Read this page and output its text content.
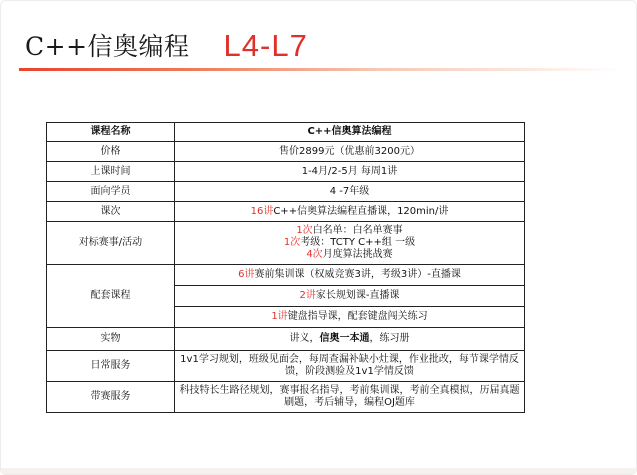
C++信奥编程 L4-L7
课程名称	C++信奥算法编程
价格	售价2899元（优惠前3200元）
上课时间	1-4月/2-5月 每周1讲
面向学员	4 -7年级
课次	16讲C++信奥算法编程直播课，120min/讲
对标赛事/活动	1次白名单：白名单赛事
1次考级：TCTY C++组 一级
4次月度算法挑战赛

配套课程	6讲赛前集训课（权威竞赛3讲，考级3讲）-直播课
	2讲家长规划课-直播课
	1讲键盘指导课，配套键盘闯关练习
实物	讲义，信奥一本通，练习册
日常服务	1v1学习规划，班级见面会，每周查漏补缺小灶课，作业批改，每节课学情反馈，阶段测验及1v1学情反馈
带赛服务	科技特长生路径规划，赛事报名指导，考前集训课，考前全真模拟，历届真题刷题，考后辅导，编程OJ题库
